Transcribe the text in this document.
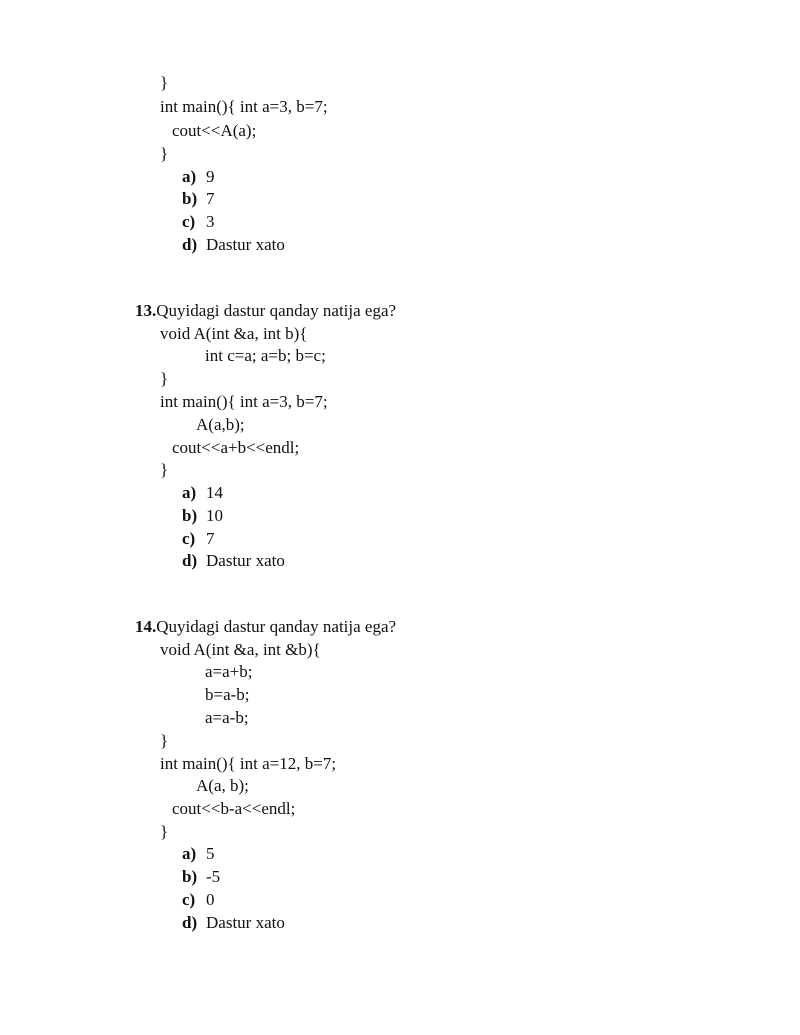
}
int main(){ int a=3, b=7;
cout<<A(a);
}
a) 9
b) 7
c) 3
d) Dastur xato
13.Quyidagi dastur qanday natija ega?
void A(int &a, int b){
int c=a; a=b; b=c;
}
int main(){ int a=3, b=7;
A(a,b);
cout<<a+b<<endl;
}
a) 14
b) 10
c) 7
d) Dastur xato
14.Quyidagi dastur qanday natija ega?
void A(int &a, int &b){
a=a+b;
b=a-b;
a=a-b;
}
int main(){ int a=12, b=7;
A(a, b);
cout<<b-a<<endl;
}
a) 5
b) -5
c) 0
d) Dastur xato
